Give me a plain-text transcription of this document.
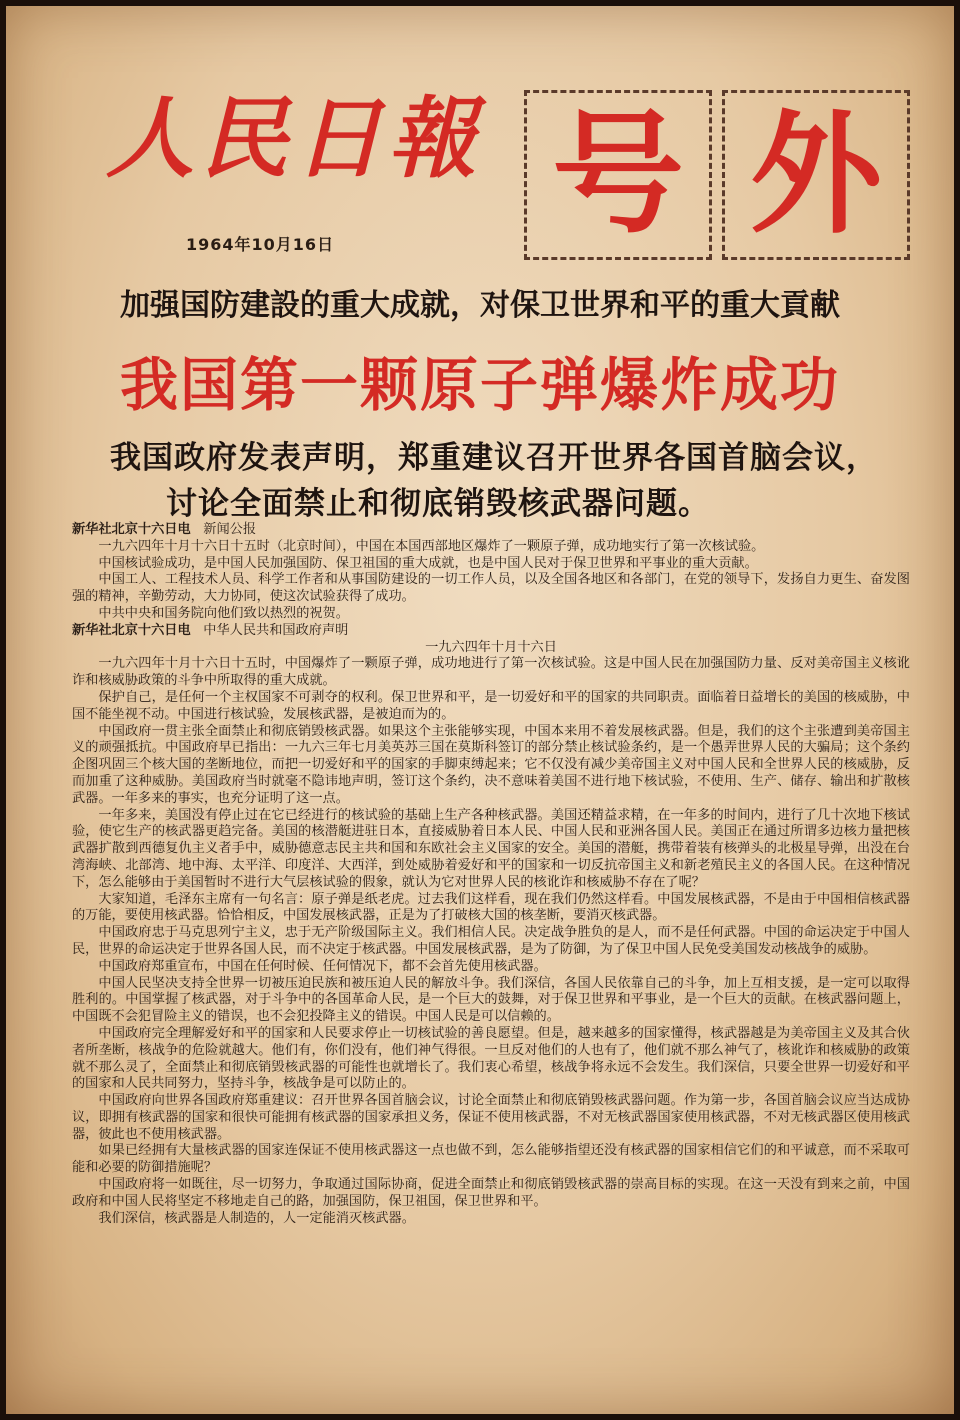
人民日報
1964年10月16日 号 外
加强国防建設的重大成就，对保卫世界和平的重大貢献
我国第一颗原子弹爆炸成功
我国政府发表声明，郑重建议召开世界各国首脑会议，
讨论全面禁止和彻底销毁核武器问题。

新华社北京十六日电 新闻公报

一九六四年十月十六日十五时（北京时间），中国在本国西部地区爆炸了一颗原子弹，成功地实行了第一次核试验。

中国核试验成功，是中国人民加强国防、保卫祖国的重大成就，也是中国人民对于保卫世界和平事业的重大贡献。

中国工人、工程技术人员、科学工作者和从事国防建设的一切工作人员，以及全国各地区和各部门，在党的领导下，发扬自力更生、奋发图强的精神，辛勤劳动，大力协同，使这次试验获得了成功。

中共中央和国务院向他们致以热烈的祝贺。

新华社北京十六日电 中华人民共和国政府声明

一九六四年十月十六日

一九六四年十月十六日十五时，中国爆炸了一颗原子弹，成功地进行了第一次核试验。这是中国人民在加强国防力量、反对美帝国主义核讹诈和核威胁政策的斗争中所取得的重大成就。

保护自己，是任何一个主权国家不可剥夺的权利。保卫世界和平，是一切爱好和平的国家的共同职责。面临着日益增长的美国的核威胁，中国不能坐视不动。中国进行核试验，发展核武器，是被迫而为的。

中国政府一贯主张全面禁止和彻底销毁核武器。如果这个主张能够实现，中国本来用不着发展核武器。但是，我们的这个主张遭到美帝国主义的顽强抵抗。中国政府早已指出：一九六三年七月美英苏三国在莫斯科签订的部分禁止核试验条约，是一个愚弄世界人民的大骗局；这个条约企图巩固三个核大国的垄断地位，而把一切爱好和平的国家的手脚束缚起来；它不仅没有减少美帝国主义对中国人民和全世界人民的核威胁，反而加重了这种威胁。美国政府当时就毫不隐讳地声明，签订这个条约，决不意味着美国不进行地下核试验，不使用、生产、储存、输出和扩散核武器。一年多来的事实，也充分证明了这一点。

一年多来，美国没有停止过在它已经进行的核试验的基础上生产各种核武器。美国还精益求精，在一年多的时间内，进行了几十次地下核试验，使它生产的核武器更趋完备。美国的核潜艇进驻日本，直接威胁着日本人民、中国人民和亚洲各国人民。美国正在通过所谓多边核力量把核武器扩散到西德复仇主义者手中，威胁德意志民主共和国和东欧社会主义国家的安全。美国的潜艇，携带着装有核弹头的北极星导弹，出没在台湾海峡、北部湾、地中海、太平洋、印度洋、大西洋，到处威胁着爱好和平的国家和一切反抗帝国主义和新老殖民主义的各国人民。在这种情况下，怎么能够由于美国暂时不进行大气层核试验的假象，就认为它对世界人民的核讹诈和核威胁不存在了呢？

大家知道，毛泽东主席有一句名言：原子弹是纸老虎。过去我们这样看，现在我们仍然这样看。中国发展核武器，不是由于中国相信核武器的万能，要使用核武器。恰恰相反，中国发展核武器，正是为了打破核大国的核垄断，要消灭核武器。

中国政府忠于马克思列宁主义，忠于无产阶级国际主义。我们相信人民。决定战争胜负的是人，而不是任何武器。中国的命运决定于中国人民，世界的命运决定于世界各国人民，而不决定于核武器。中国发展核武器，是为了防御，为了保卫中国人民免受美国发动核战争的威胁。

中国政府郑重宣布，中国在任何时候、任何情况下，都不会首先使用核武器。

中国人民坚决支持全世界一切被压迫民族和被压迫人民的解放斗争。我们深信，各国人民依靠自己的斗争，加上互相支援，是一定可以取得胜利的。中国掌握了核武器，对于斗争中的各国革命人民，是一个巨大的鼓舞，对于保卫世界和平事业，是一个巨大的贡献。在核武器问题上，中国既不会犯冒险主义的错误，也不会犯投降主义的错误。中国人民是可以信赖的。

中国政府完全理解爱好和平的国家和人民要求停止一切核试验的善良愿望。但是，越来越多的国家懂得，核武器越是为美帝国主义及其合伙者所垄断，核战争的危险就越大。他们有，你们没有，他们神气得很。一旦反对他们的人也有了，他们就不那么神气了，核讹诈和核威胁的政策就不那么灵了，全面禁止和彻底销毁核武器的可能性也就增长了。我们衷心希望，核战争将永远不会发生。我们深信，只要全世界一切爱好和平的国家和人民共同努力，坚持斗争，核战争是可以防止的。

中国政府向世界各国政府郑重建议：召开世界各国首脑会议，讨论全面禁止和彻底销毁核武器问题。作为第一步，各国首脑会议应当达成协议，即拥有核武器的国家和很快可能拥有核武器的国家承担义务，保证不使用核武器，不对无核武器国家使用核武器，不对无核武器区使用核武器，彼此也不使用核武器。

如果已经拥有大量核武器的国家连保证不使用核武器这一点也做不到，怎么能够指望还没有核武器的国家相信它们的和平诚意，而不采取可能和必要的防御措施呢？

中国政府将一如既往，尽一切努力，争取通过国际协商，促进全面禁止和彻底销毁核武器的崇高目标的实现。在这一天没有到来之前，中国政府和中国人民将坚定不移地走自己的路，加强国防，保卫祖国，保卫世界和平。

我们深信，核武器是人制造的，人一定能消灭核武器。
